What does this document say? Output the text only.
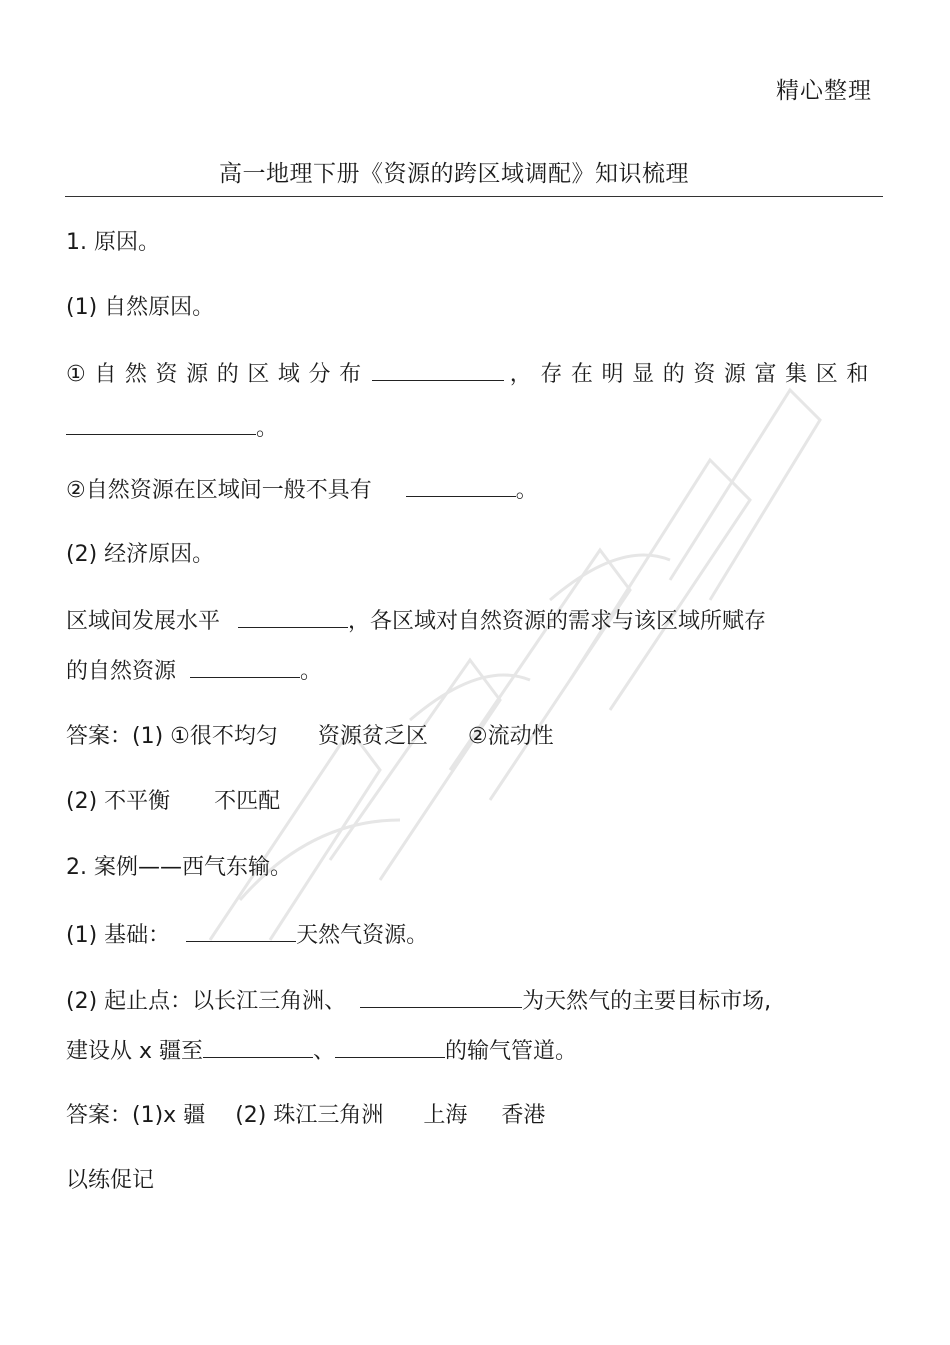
精心整理
高一地理下册《资源的跨区域调配》知识梳理
1. 原因。
(1) 自然原因。
①自然资源的区域分布	，存在明显的资源富集区和
。
②自然资源在区域间一般不具有	。
(2) 经济原因。
区域间发展水平	，各区域对自然资源的需求与该区域所赋存
的自然资源	。
答案：(1) ①很不均匀 资源贫乏区 ②流动性
(2) 不平衡 不匹配
2. 案例——西气东输。
(1) 基础：	天然气资源。
(2) 起止点：以长江三角洲、	为天然气的主要目标市场,
建设从 x 疆至	、	的输气管道。
答案：(1)x 疆 (2) 珠江三角洲 上海 香港
以练促记
